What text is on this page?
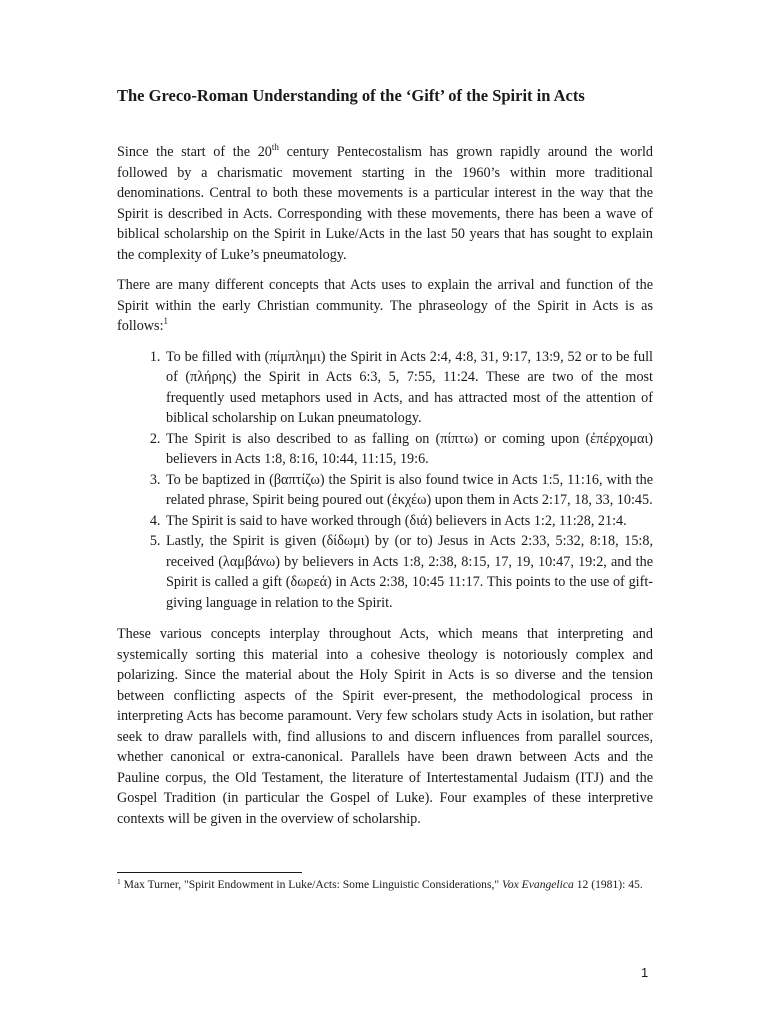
The Greco-Roman Understanding of the ‘Gift’ of the Spirit in Acts

Since the start of the 20th century Pentecostalism has grown rapidly around the world followed by a charismatic movement starting in the 1960’s within more traditional denominations. Central to both these movements is a particular interest in the way that the Spirit is described in Acts. Corresponding with these movements, there has been a wave of biblical scholarship on the Spirit in Luke/Acts in the last 50 years that has sought to explain the complexity of Luke’s pneumatology.

There are many different concepts that Acts uses to explain the arrival and function of the Spirit within the early Christian community. The phraseology of the Spirit in Acts is as follows:$^1$

1. To be filled with (πίμπλημι) the Spirit in Acts 2:4, 4:8, 31, 9:17, 13:9, 52 or to be full of (πλήρης) the Spirit in Acts 6:3, 5, 7:55, 11:24. These are two of the most frequently used metaphors used in Acts, and has attracted most of the attention of biblical scholarship on Lukan pneumatology.
2. The Spirit is also described to as falling on (πίπτω) or coming upon (ἐπέρχομαι) believers in Acts 1:8, 8:16, 10:44, 11:15, 19:6.
3. To be baptized in (βαπτίζω) the Spirit is also found twice in Acts 1:5, 11:16, with the related phrase, Spirit being poured out (ἐκχέω) upon them in Acts 2:17, 18, 33, 10:45.
4. The Spirit is said to have worked through (διά) believers in Acts 1:2, 11:28, 21:4.
5. Lastly, the Spirit is given (δίδωμι) by (or to) Jesus in Acts 2:33, 5:32, 8:18, 15:8, received (λαμβάνω) by believers in Acts 1:8, 2:38, 8:15, 17, 19, 10:47, 19:2, and the Spirit is called a gift (δωρεά) in Acts 2:38, 10:45 11:17. This points to the use of gift-giving language in relation to the Spirit.

These various concepts interplay throughout Acts, which means that interpreting and systemically sorting this material into a cohesive theology is notoriously complex and polarizing. Since the material about the Holy Spirit in Acts is so diverse and the tension between conflicting aspects of the Spirit ever-present, the methodological process in interpreting Acts has become paramount. Very few scholars study Acts in isolation, but rather seek to draw parallels with, find allusions to and discern influences from parallel sources, whether canonical or extra-canonical. Parallels have been drawn between Acts and the Pauline corpus, the Old Testament, the literature of Intertestamental Judaism (ITJ) and the Gospel Tradition (in particular the Gospel of Luke). Four examples of these interpretive contexts will be given in the overview of scholarship.

$^1$ Max Turner, "Spirit Endowment in Luke/Acts: Some Linguistic Considerations," Vox Evangelica 12 (1981): 45.
1
